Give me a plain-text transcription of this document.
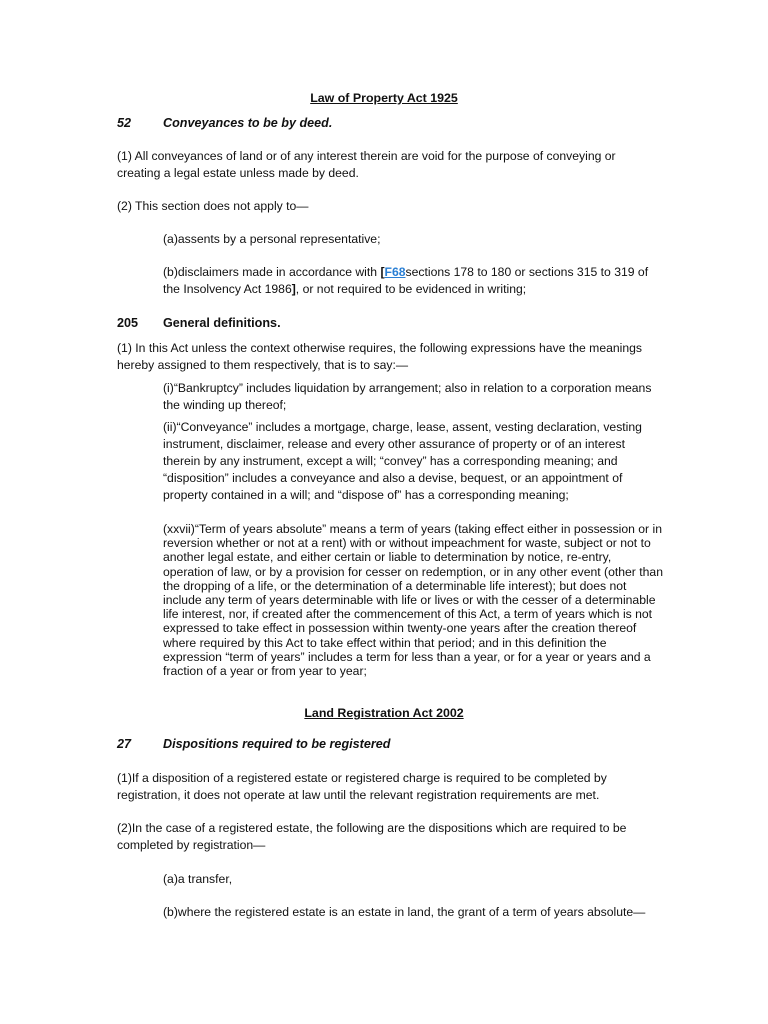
Law of Property Act 1925
52	Conveyances to be by deed.
(1) All conveyances of land or of any interest therein are void for the purpose of conveying or creating a legal estate unless made by deed.
(2) This section does not apply to—
(a)assents by a personal representative;
(b)disclaimers made in accordance with [F68sections 178 to 180 or sections 315 to 319 of the Insolvency Act 1986], or not required to be evidenced in writing;
205 General definitions.
(1) In this Act unless the context otherwise requires, the following expressions have the meanings hereby assigned to them respectively, that is to say:—
(i)“Bankruptcy” includes liquidation by arrangement; also in relation to a corporation means the winding up thereof;
(ii)“Conveyance” includes a mortgage, charge, lease, assent, vesting declaration, vesting instrument, disclaimer, release and every other assurance of property or of an interest therein by any instrument, except a will; “convey” has a corresponding meaning; and “disposition” includes a conveyance and also a devise, bequest, or an appointment of property contained in a will; and “dispose of” has a corresponding meaning;
(xxvii)“Term of years absolute” means a term of years (taking effect either in possession or in reversion whether or not at a rent) with or without impeachment for waste, subject or not to another legal estate, and either certain or liable to determination by notice, re-entry, operation of law, or by a provision for cesser on redemption, or in any other event (other than the dropping of a life, or the determination of a determinable life interest); but does not include any term of years determinable with life or lives or with the cesser of a determinable life interest, nor, if created after the commencement of this Act, a term of years which is not expressed to take effect in possession within twenty-one years after the creation thereof where required by this Act to take effect within that period; and in this definition the expression “term of years” includes a term for less than a year, or for a year or years and a fraction of a year or from year to year;
Land Registration Act 2002
27	Dispositions required to be registered
(1)If a disposition of a registered estate or registered charge is required to be completed by registration, it does not operate at law until the relevant registration requirements are met.
(2)In the case of a registered estate, the following are the dispositions which are required to be completed by registration—
(a)a transfer,
(b)where the registered estate is an estate in land, the grant of a term of years absolute—
